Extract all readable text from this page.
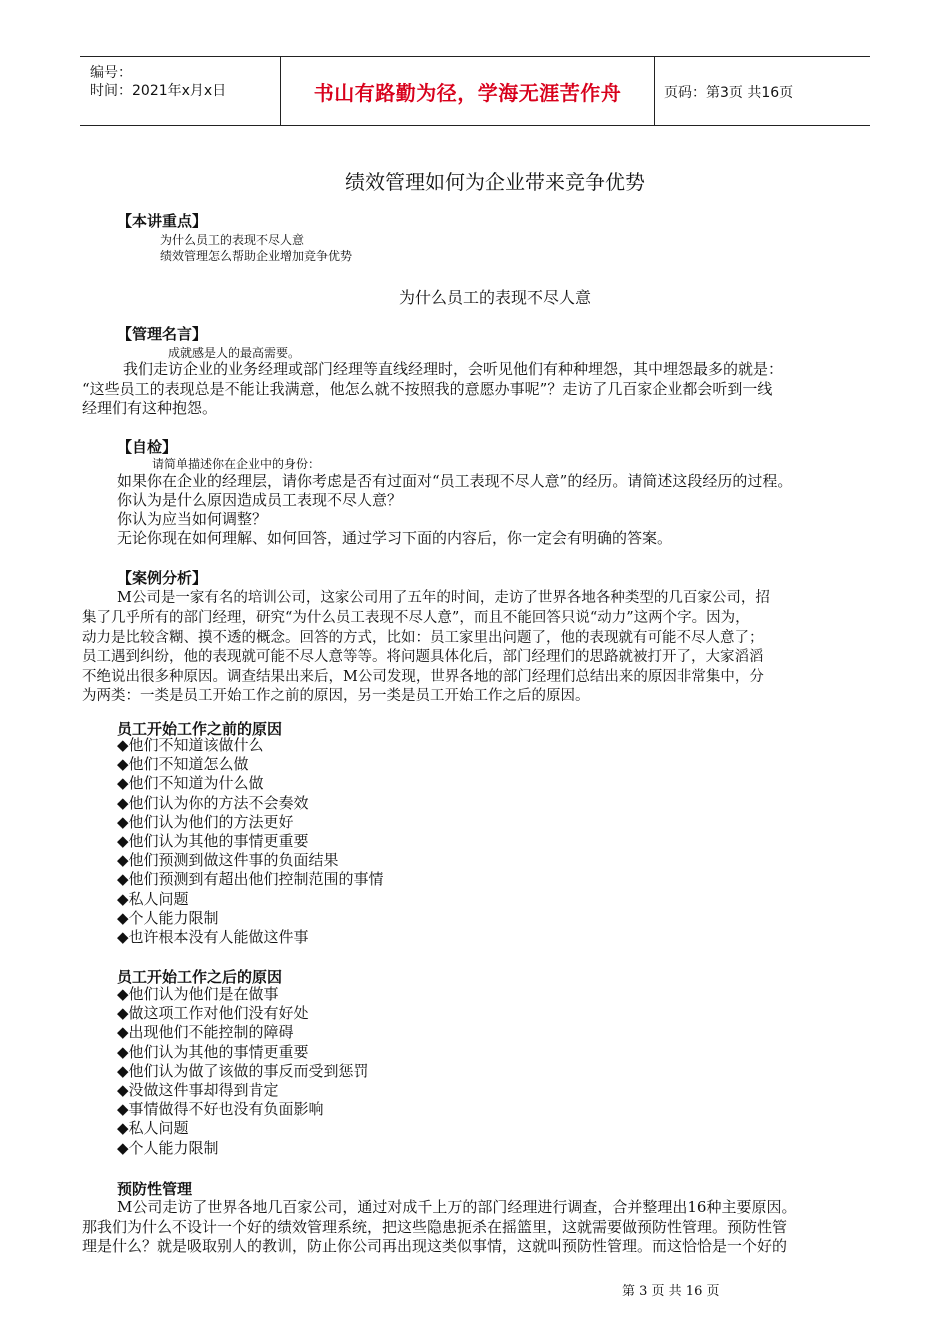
编号：
时间：2021年x月x日	书山有路勤为径，学海无涯苦作舟	页码：第3页 共16页
绩效管理如何为企业带来竞争优势
【本讲重点】
为什么员工的表现不尽人意
绩效管理怎么帮助企业增加竞争优势
为什么员工的表现不尽人意
【管理名言】
成就感是人的最高需要。
我们走访企业的业务经理或部门经理等直线经理时，会听见他们有种种埋怨，其中埋怨最多的就是：
“这些员工的表现总是不能让我满意，他怎么就不按照我的意愿办事呢”？走访了几百家企业都会听到一线
经理们有这种抱怨。
【自检】
请简单描述你在企业中的身份：
如果你在企业的经理层，请你考虑是否有过面对“员工表现不尽人意”的经历。请简述这段经历的过程。
你认为是什么原因造成员工表现不尽人意？
你认为应当如何调整？
无论你现在如何理解、如何回答，通过学习下面的内容后，你一定会有明确的答案。
【案例分析】
M公司是一家有名的培训公司，这家公司用了五年的时间，走访了世界各地各种类型的几百家公司，招
集了几乎所有的部门经理，研究“为什么员工表现不尽人意”，而且不能回答只说“动力”这两个字。因为，
动力是比较含糊、摸不透的概念。回答的方式，比如：员工家里出问题了，他的表现就有可能不尽人意了；
员工遇到纠纷，他的表现就可能不尽人意等等。将问题具体化后，部门经理们的思路就被打开了，大家滔滔
不绝说出很多种原因。调查结果出来后，M公司发现，世界各地的部门经理们总结出来的原因非常集中，分
为两类：一类是员工开始工作之前的原因，另一类是员工开始工作之后的原因。
员工开始工作之前的原因
◆他们不知道该做什么
◆他们不知道怎么做
◆他们不知道为什么做
◆他们认为你的方法不会奏效
◆他们认为他们的方法更好
◆他们认为其他的事情更重要
◆他们预测到做这件事的负面结果
◆他们预测到有超出他们控制范围的事情
◆私人问题
◆个人能力限制
◆也许根本没有人能做这件事
员工开始工作之后的原因
◆他们认为他们是在做事
◆做这项工作对他们没有好处
◆出现他们不能控制的障碍
◆他们认为其他的事情更重要
◆他们认为做了该做的事反而受到惩罚
◆没做这件事却得到肯定
◆事情做得不好也没有负面影响
◆私人问题
◆个人能力限制
预防性管理
M公司走访了世界各地几百家公司，通过对成千上万的部门经理进行调查，合并整理出16种主要原因。
那我们为什么不设计一个好的绩效管理系统，把这些隐患扼杀在摇篮里，这就需要做预防性管理。预防性管
理是什么？就是吸取别人的教训，防止你公司再出现这类似事情，这就叫预防性管理。而这恰恰是一个好的
第 3 页 共 16 页
